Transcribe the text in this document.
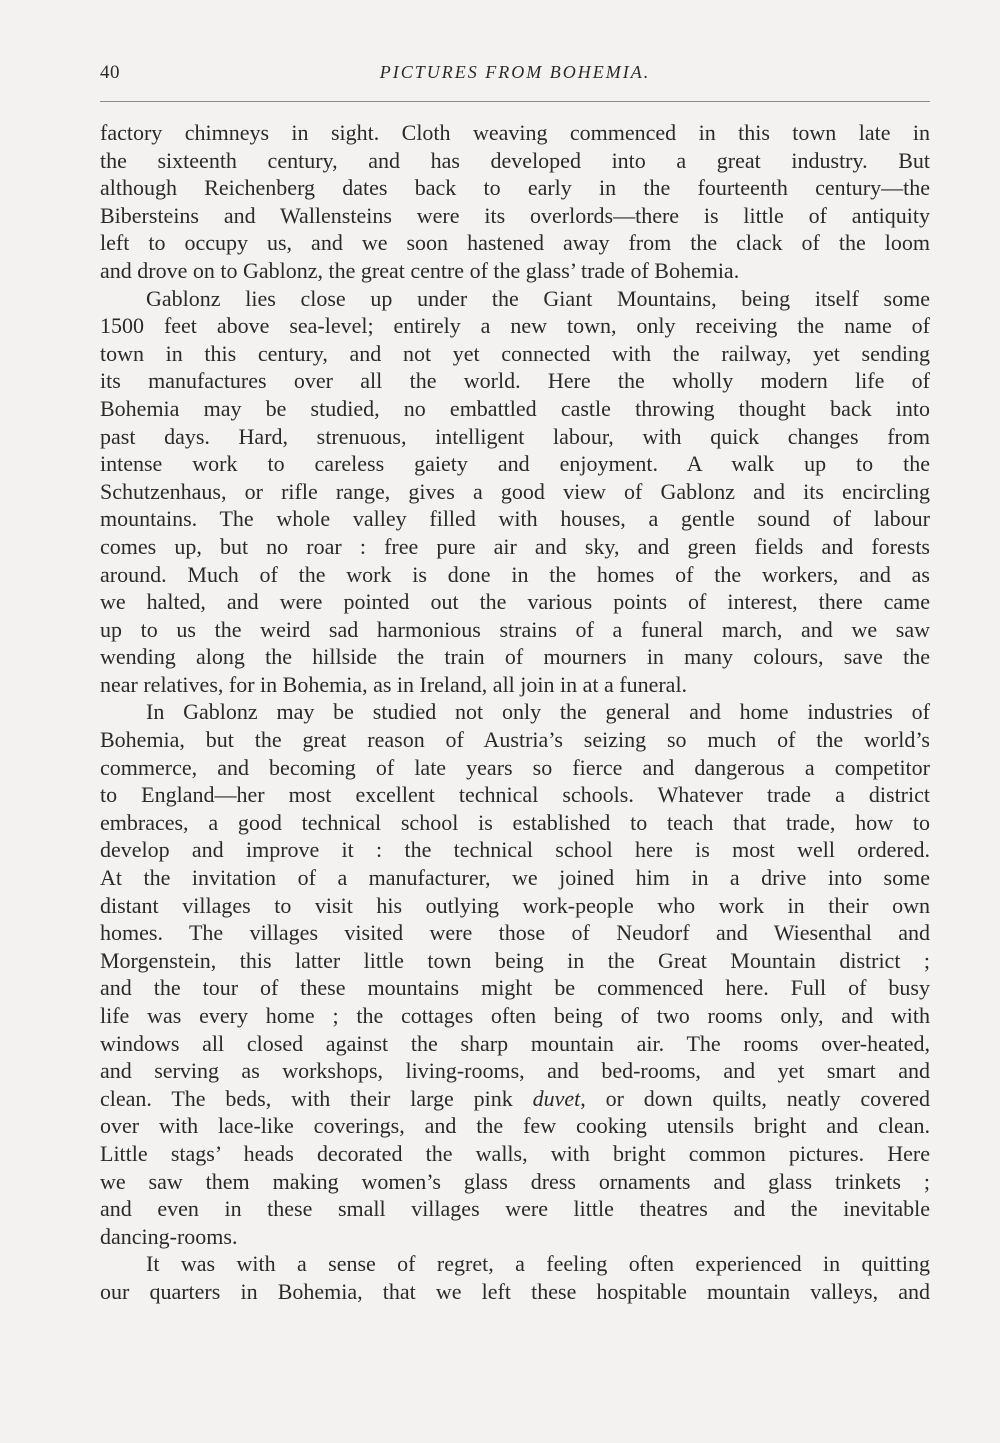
40	PICTURES FROM BOHEMIA.
factory chimneys in sight. Cloth weaving commenced in this town late in
the sixteenth century, and has developed into a great industry. But
although Reichenberg dates back to early in the fourteenth century—the
Bibersteins and Wallensteins were its overlords—there is little of antiquity
left to occupy us, and we soon hastened away from the clack of the loom
and drove on to Gablonz, the great centre of the glass’ trade of Bohemia.
Gablonz lies close up under the Giant Mountains, being itself some
1500 feet above sea-level; entirely a new town, only receiving the name of
town in this century, and not yet connected with the railway, yet sending
its manufactures over all the world. Here the wholly modern life of
Bohemia may be studied, no embattled castle throwing thought back into
past days. Hard, strenuous, intelligent labour, with quick changes from
intense work to careless gaiety and enjoyment. A walk up to the
Schutzenhaus, or rifle range, gives a good view of Gablonz and its encircling
mountains. The whole valley filled with houses, a gentle sound of labour
comes up, but no roar : free pure air and sky, and green fields and forests
around. Much of the work is done in the homes of the workers, and as
we halted, and were pointed out the various points of interest, there came
up to us the weird sad harmonious strains of a funeral march, and we saw
wending along the hillside the train of mourners in many colours, save the
near relatives, for in Bohemia, as in Ireland, all join in at a funeral.
In Gablonz may be studied not only the general and home industries of
Bohemia, but the great reason of Austria’s seizing so much of the world’s
commerce, and becoming of late years so fierce and dangerous a competitor
to England—her most excellent technical schools. Whatever trade a district
embraces, a good technical school is established to teach that trade, how to
develop and improve it : the technical school here is most well ordered.
At the invitation of a manufacturer, we joined him in a drive into some
distant villages to visit his outlying work-people who work in their own
homes. The villages visited were those of Neudorf and Wiesenthal and
Morgenstein, this latter little town being in the Great Mountain district ;
and the tour of these mountains might be commenced here. Full of busy
life was every home ; the cottages often being of two rooms only, and with
windows all closed against the sharp mountain air. The rooms over-heated,
and serving as workshops, living-rooms, and bed-rooms, and yet smart and
clean. The beds, with their large pink duvet, or down quilts, neatly covered
over with lace-like coverings, and the few cooking utensils bright and clean.
Little stags’ heads decorated the walls, with bright common pictures. Here
we saw them making women’s glass dress ornaments and glass trinkets ;
and even in these small villages were little theatres and the inevitable
dancing-rooms.
It was with a sense of regret, a feeling often experienced in quitting
our quarters in Bohemia, that we left these hospitable mountain valleys, and
